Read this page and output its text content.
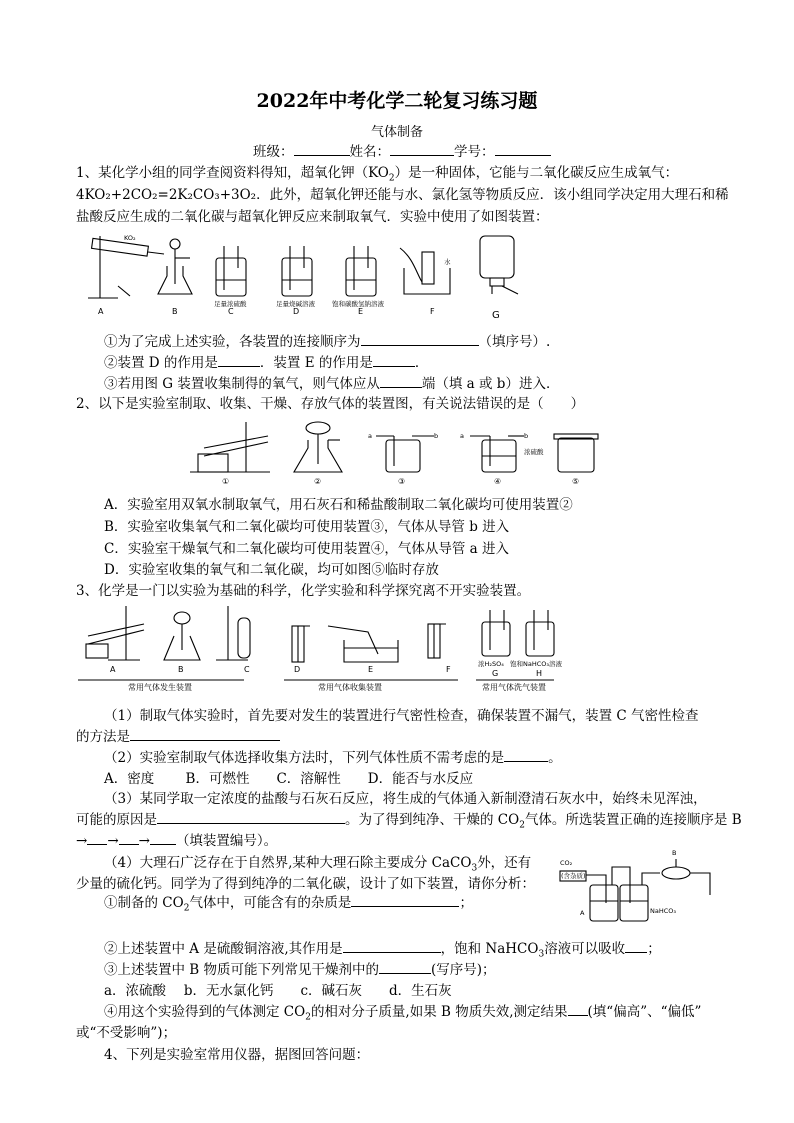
2022年中考化学二轮复习练习题
气体制备
班级：	姓名：	学号：
1、某化学小组的同学查阅资料得知，超氧化钾$(KO_2)$是一种固体，它能与二氧化碳反应生成氧气：
4KO₂+2CO₂=2K₂CO₃+3O₂．此外，超氧化钾还能与水、氯化氢等物质反应．该小组同学决定用大理石和稀
盐酸反应生成的二氧化碳与超氧化钾反应来制取氧气．实验中使用了如图装置：
KO₂
A	B
足量浓硫酸
C
足量烧碱溶液
D
饱和碳酸氢钠溶液
E
水
F	G
①为了完成上述实验，各装置的连接顺序为	（填序号）.
②装置 D 的作用是	．装置 E 的作用是	．
③若用图 G 装置收集制得的氧气，则气体应从	端（填 a 或 b）进入．
2、以下是实验室制取、收集、干燥、存放气体的装置图，有关说法错误的是（　　）
①	②
a	b
③
a	b
浓硫酸
④	⑤
A．实验室用双氧水制取氧气，用石灰石和稀盐酸制取二氧化碳均可使用装置②
B．实验室收集氧气和二氧化碳均可使用装置③，气体从导管 b 进入
C．实验室干燥氧气和二氧化碳均可使用装置④，气体从导管 a 进入
D．实验室收集的氧气和二氧化碳，均可如图⑤临时存放
3、化学是一门以实验为基础的科学，化学实验和科学探究离不开实验装置。
A	B	C	D	E	F
浓H₂SO₄
G
饱和NaHCO₃溶液
H
常用气体发生装置	常用气体收集装置	常用气体洗气装置
（1）制取气体实验时，首先要对发生的装置进行气密性检查，确保装置不漏气，装置 C 气密性检查
的方法是
（2）实验室制取气体选择收集方法时，下列气体性质不需考虑的是	。
A．密度　　 B．可燃性　　C．溶解性　　D．能否与水反应
（3）某同学取一定浓度的盐酸与石灰石反应，将生成的气体通入新制澄清石灰水中，始终未见浑浊，
可能的原因是	。为了得到纯净、干燥的 $CO_2$气体。所选装置正确的连接顺序是 B
→ → → （填装置编号）。
（4）大理石广泛存在于自然界,某种大理石除主要成分 CaCO$_3$外，还有
少量的硫化钙。同学为了得到纯净的二氧化碳，设计了如下装置，请你分析：
CO₂
(含杂质)
B
A	NaHCO₃
①制备的 $CO_2$气体中，可能含有的杂质是	；
②上述装置中 A 是硫酸铜溶液,其作用是	，饱和 NaHCO$_3$溶液可以吸收 ；
③上述装置中 B 物质可能下列常见干燥剂中的	(写序号)；
a．浓硫酸　 b．无水氯化钙　　c．碱石灰　　d．生石灰
④用这个实验得到的气体测定 $CO_2$的相对分子质量,如果 B 物质失效,测定结果 (填“偏高”、“偏低”
或“不受影响”)；
4、下列是实验室常用仪器，据图回答问题：
